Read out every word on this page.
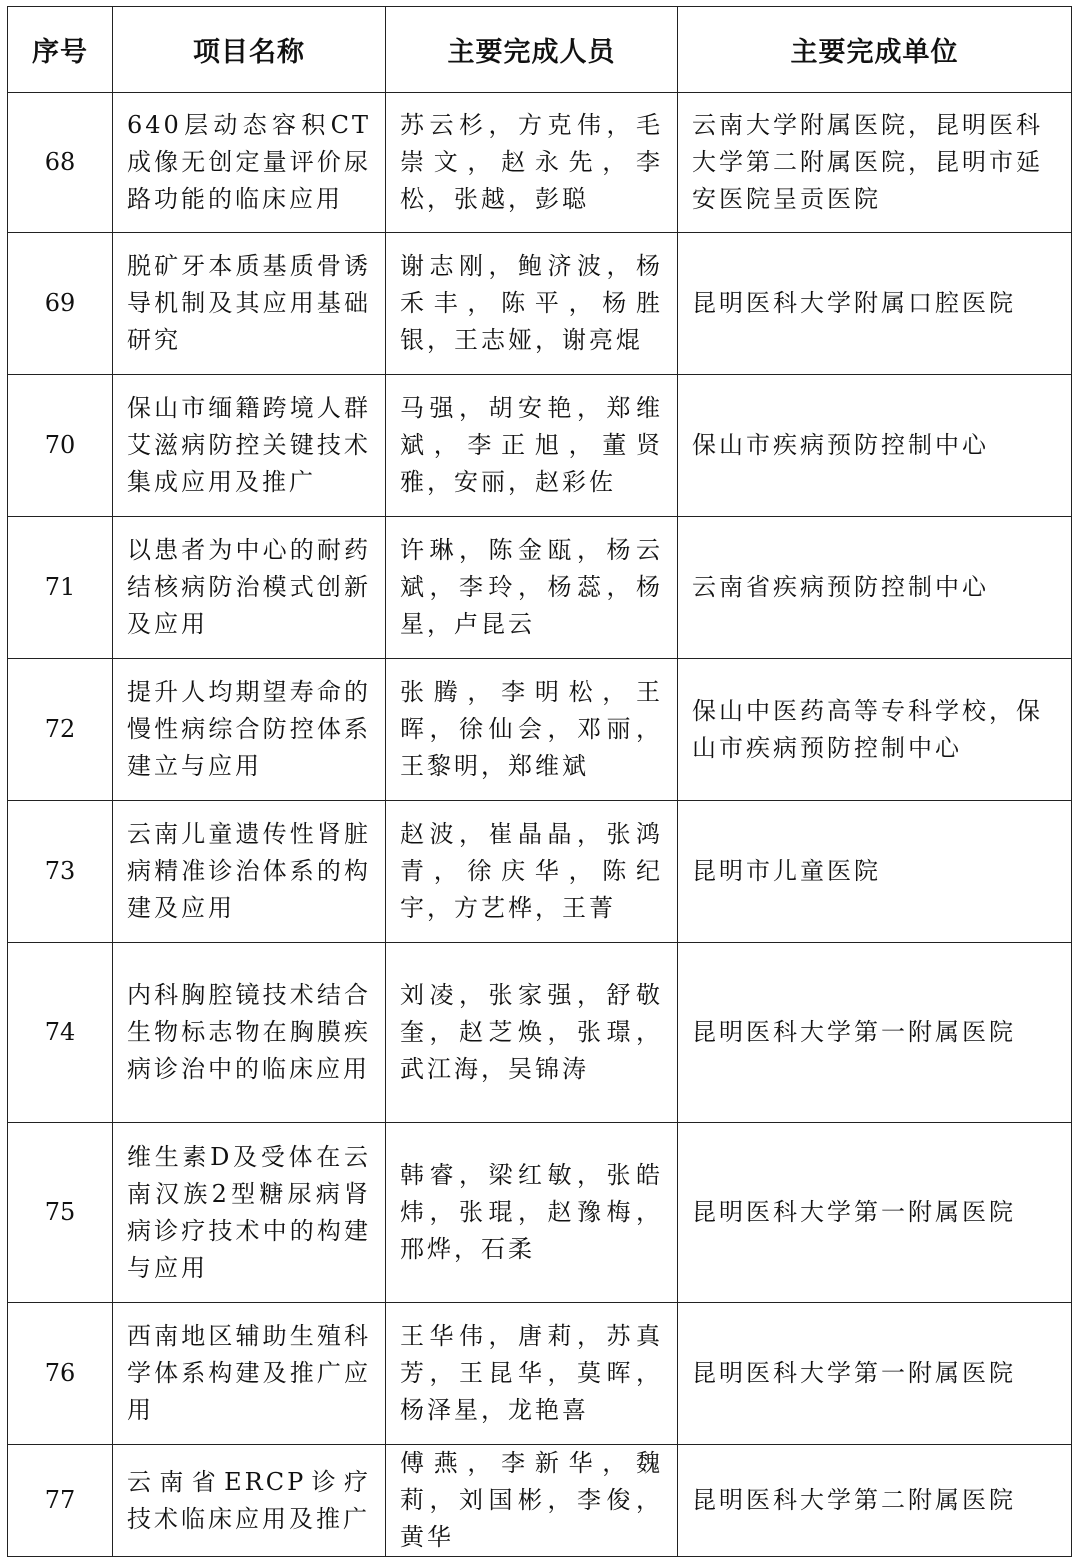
序号	项目名称	主要完成人员	主要完成单位
68	640层动态容积CT成像无创定量评价尿路功能的临床应用	苏云杉，方克伟，毛崇文，赵永先，李松，张越，彭聪	云南大学附属医院，昆明医科大学第二附属医院，昆明市延安医院呈贡医院
69	脱矿牙本质基质骨诱导机制及其应用基础研究	谢志刚，鲍济波，杨禾丰，陈平，杨胜银，王志娅，谢亮焜	昆明医科大学附属口腔医院
70	保山市缅籍跨境人群艾滋病防控关键技术集成应用及推广	马强，胡安艳，郑维斌，李正旭，董贤雅，安丽，赵彩佐	保山市疾病预防控制中心
71	以患者为中心的耐药结核病防治模式创新及应用	许琳，陈金瓯，杨云斌，李玲，杨蕊，杨星，卢昆云	云南省疾病预防控制中心
72	提升人均期望寿命的慢性病综合防控体系建立与应用	张腾，李明松，王晖，徐仙会，邓丽，王黎明，郑维斌	保山中医药高等专科学校，保山市疾病预防控制中心
73	云南儿童遗传性肾脏病精准诊治体系的构建及应用	赵波，崔晶晶，张鸿青，徐庆华，陈纪宇，方艺桦，王菁	昆明市儿童医院
74	内科胸腔镜技术结合生物标志物在胸膜疾病诊治中的临床应用	刘凌，张家强，舒敬奎，赵芝焕，张璟，武江海，吴锦涛	昆明医科大学第一附属医院
75	维生素D及受体在云南汉族2型糖尿病肾病诊疗技术中的构建与应用	韩睿，梁红敏，张皓炜，张琨，赵豫梅，邢烨，石柔	昆明医科大学第一附属医院
76	西南地区辅助生殖科学体系构建及推广应用	王华伟，唐莉，苏真芳，王昆华，莫晖，杨泽星，龙艳喜	昆明医科大学第一附属医院
77	云南省ERCP诊疗技术临床应用及推广	傅燕，李新华，魏莉，刘国彬，李俊，黄华	昆明医科大学第二附属医院
